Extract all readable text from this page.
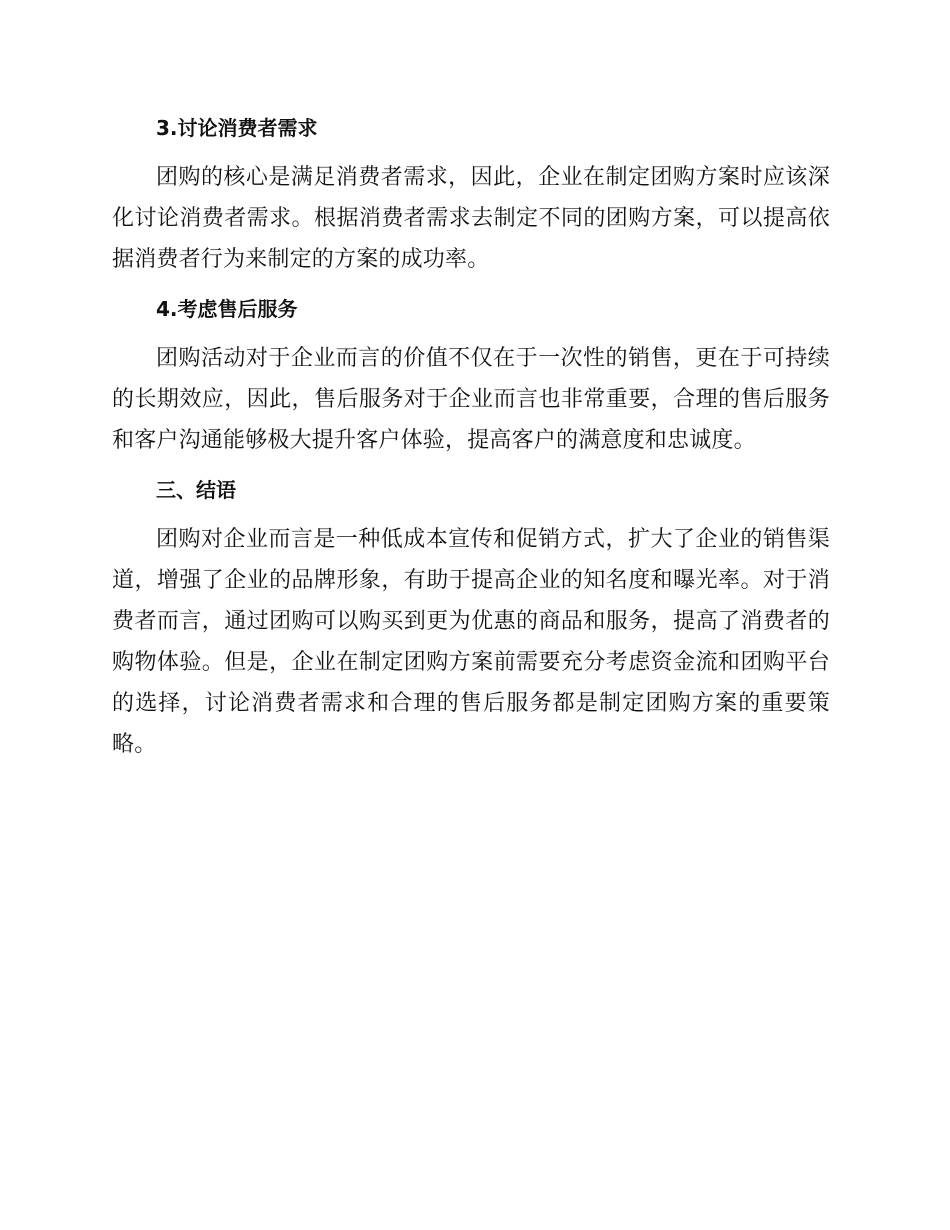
3.讨论消费者需求

团购的核心是满足消费者需求，因此，企业在制定团购方案时应该深化讨论消费者需求。根据消费者需求去制定不同的团购方案，可以提高依据消费者行为来制定的方案的成功率。

4.考虑售后服务

团购活动对于企业而言的价值不仅在于一次性的销售，更在于可持续的长期效应，因此，售后服务对于企业而言也非常重要，合理的售后服务和客户沟通能够极大提升客户体验，提高客户的满意度和忠诚度。

三、结语

团购对企业而言是一种低成本宣传和促销方式，扩大了企业的销售渠道，增强了企业的品牌形象，有助于提高企业的知名度和曝光率。对于消费者而言，通过团购可以购买到更为优惠的商品和服务，提高了消费者的购物体验。但是，企业在制定团购方案前需要充分考虑资金流和团购平台的选择，讨论消费者需求和合理的售后服务都是制定团购方案的重要策略。
